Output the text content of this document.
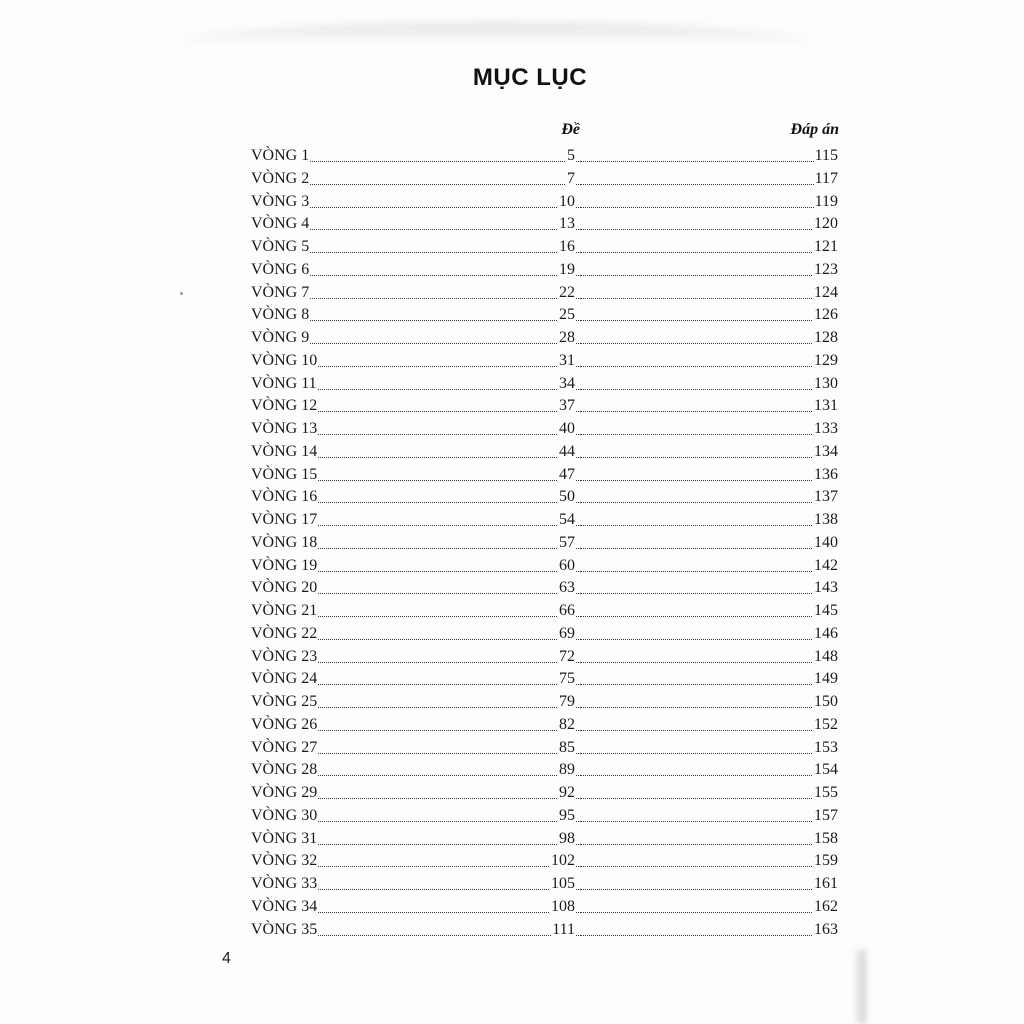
MỤC LỤC
Đề	Đáp án
VÒNG 1	5	115
VÒNG 2	7	117
VÒNG 3	10	119
VÒNG 4	13	120
VÒNG 5	16	121
VÒNG 6	19	123
VÒNG 7	22	124
VÒNG 8	25	126
VÒNG 9	28	128
VÒNG 10	31	129
VÒNG 11	34	130
VÒNG 12	37	131
VÒNG 13	40	133
VÒNG 14	44	134
VÒNG 15	47	136
VÒNG 16	50	137
VÒNG 17	54	138
VÒNG 18	57	140
VÒNG 19	60	142
VÒNG 20	63	143
VÒNG 21	66	145
VÒNG 22	69	146
VÒNG 23	72	148
VÒNG 24	75	149
VÒNG 25	79	150
VÒNG 26	82	152
VÒNG 27	85	153
VÒNG 28	89	154
VÒNG 29	92	155
VÒNG 30	95	157
VÒNG 31	98	158
VÒNG 32	102	159
VÒNG 33	105	161
VÒNG 34	108	162
VÒNG 35	111	163
4
